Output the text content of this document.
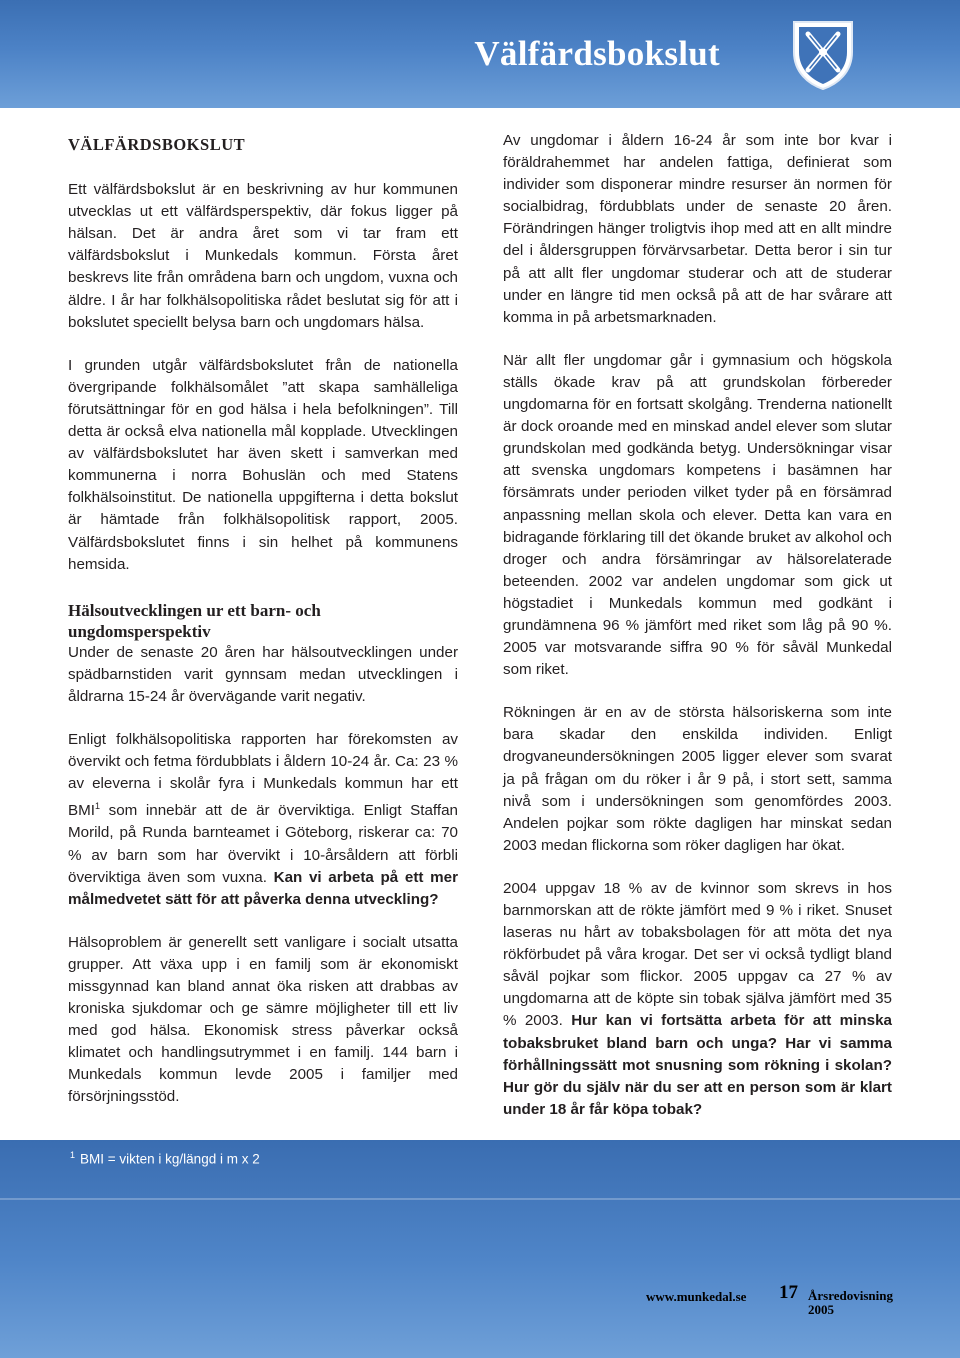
Välfärdsbokslut
VÄLFÄRDSBOKSLUT

Ett välfärdsbokslut är en beskrivning av hur kommunen utvecklas ut ett välfärdsperspektiv, där fokus ligger på hälsan. Det är andra året som vi tar fram ett välfärdsbokslut i Munkedals kommun. Första året beskrevs lite från områdena barn och ungdom, vuxna och äldre. I år har folkhälsopolitiska rådet beslutat sig för att i bokslutet speciellt belysa barn och ungdomars hälsa.

I grunden utgår välfärdsbokslutet från de nationella övergripande folkhälsomålet ”att skapa samhälleliga förutsättningar för en god hälsa i hela befolkningen”. Till detta är också elva nationella mål kopplade. Utvecklingen av välfärdsbokslutet har även skett i samverkan med kommunerna i norra Bohuslän och med Statens folkhälsoinstitut. De nationella uppgifterna i detta bokslut är hämtade från folkhälsopolitisk rapport, 2005. Välfärdsbokslutet finns i sin helhet på kommunens hemsida.

Hälsoutvecklingen ur ett barn- och ungdomsperspektiv

Under de senaste 20 åren har hälsoutvecklingen under spädbarnstiden varit gynnsam medan utvecklingen i åldrarna 15-24 år övervägande varit negativ.

Enligt folkhälsopolitiska rapporten har förekomsten av övervikt och fetma fördubblats i åldern 10-24 år. Ca: 23 % av eleverna i skolår fyra i Munkedals kommun har ett BMI$^1$ som innebär att de är överviktiga. Enligt Staffan Morild, på Runda barnteamet i Göteborg, riskerar ca: 70 % av barn som har övervikt i 10-årsåldern att förbli överviktiga även som vuxna. Kan vi arbeta på ett mer målmedvetet sätt för att påverka denna utveckling?

Hälsoproblem är generellt sett vanligare i socialt utsatta grupper. Att växa upp i en familj som är ekonomiskt missgynnad kan bland annat öka risken att drabbas av kroniska sjukdomar och ge sämre möjligheter till ett liv med god hälsa. Ekonomisk stress påverkar också klimatet och handlingsutrymmet i en familj. 144 barn i Munkedals kommun levde 2005 i familjer med försörjningsstöd.

Av ungdomar i åldern 16-24 år som inte bor kvar i föräldrahemmet har andelen fattiga, definierat som individer som disponerar mindre resurser än normen för socialbidrag, fördubblats under de senaste 20 åren. Förändringen hänger troligtvis ihop med att en allt mindre del i åldersgruppen förvärvsarbetar. Detta beror i sin tur på att allt fler ungdomar studerar och att de studerar under en längre tid men också på att de har svårare att komma in på arbetsmarknaden.

När allt fler ungdomar går i gymnasium och högskola ställs ökade krav på att grundskolan förbereder ungdomarna för en fortsatt skolgång. Trenderna nationellt är dock oroande med en minskad andel elever som slutar grundskolan med godkända betyg. Undersökningar visar att svenska ungdomars kompetens i basämnen har försämrats under perioden vilket tyder på en försämrad anpassning mellan skola och elever. Detta kan vara en bidragande förklaring till det ökande bruket av alkohol och droger och andra försämringar av hälsorelaterade beteenden. 2002 var andelen ungdomar som gick ut högstadiet i Munkedals kommun med godkänt i grundämnena 96 % jämfört med riket som låg på 90 %. 2005 var motsvarande siffra 90 % för såväl Munkedal som riket.

Rökningen är en av de största hälsoriskerna som inte bara skadar den enskilda individen. Enligt drogvaneundersökningen 2005 ligger elever som svarat ja på frågan om du röker i år 9 på, i stort sett, samma nivå som i undersökningen som genomfördes 2003. Andelen pojkar som rökte dagligen har minskat sedan 2003 medan flickorna som röker dagligen har ökat.

2004 uppgav 18 % av de kvinnor som skrevs in hos barnmorskan att de rökte jämfört med 9 % i riket. Snuset laseras nu hårt av tobaksbolagen för att möta det nya rökförbudet på våra krogar. Det ser vi också tydligt bland såväl pojkar som flickor. 2005 uppgav ca 27 % av ungdomarna att de köpte sin tobak själva jämfört med 35 % 2003. Hur kan vi fortsätta arbeta för att minska tobaksbruket bland barn och unga? Har vi samma förhållningssätt mot snusning som rökning i skolan? Hur gör du själv när du ser att en person som är klart under 18 år får köpa tobak?

$^1$ BMI = vikten i kg/längd i m x 2
www.munkedal.se 17 Årsredovisning
2005
